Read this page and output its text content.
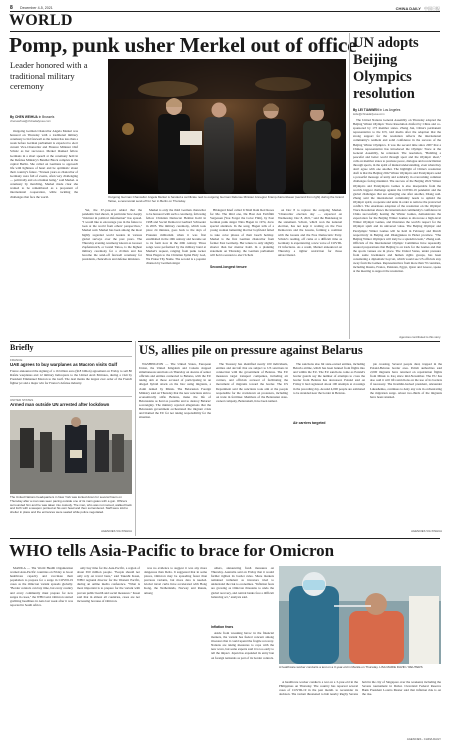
8 December 4-5, 2021	CHINA DAILY 中国日报
WORLD
Pomp, punk usher Merkel out of office
Leader honored with a traditional military ceremony
By CHEN WEIHUA in Brussels
chenweihua@chinadailyusa.com
Outgoing German Chancellor Angela Merkel is handed a certificate next to outgoing German Defense Minister Annegret Kramp-Karrenbauer (second from right) during the Grand Tattoo, a ceremonial send-off for her in Berlin on Thursday.

Outgoing German Chancellor Angela Merkel was honored on Thursday with a traditional military ceremony to bid farewell as the nation has less than a week before German parliament is expected to elect current Vice-Chancellor and Finance Minister Olaf Scholz as her successor. Merkel thanked fellow Germans in a short speech at the ceremony held in the Defense Ministry's Bendler Block complex in the capital Berlin. She called on Germans to approach life with lightness of heart and be optimistic about their country's future. "Sixteen years as chancellor of Germany were full of events, often very challenging — politically and on a human being," said Merkel. A ceremony by marching, Merkel made clear she wanted to be remembered as a proponent of international cooperation, while tackling the challenges that face the world.

Yet, the 67-year-old added that the pandemic had shown, in particular how deeply "mistrust in political information" has spread. "I would like to encourage you in the future to look at the world from others' perspectives," Merkel said. Merkel has been among the most highly regarded world leaders in various global surveys over the past years. The Thursday evening ceremony known as Grosser Zapfenstreich, or Grand Tattoo, is the highest military ceremony for a civilian and has become the send-off farewell ceremony for presidents, chancellors and defense ministers.

Merkel is only the third German chancellor to be honored with such a ceremony, following fellow Christian Democrat Helmut Kohl in 1998 and Social Democrat Gerhard Schroeder in 2005. The military ceremony, which took place 24 minutes, goes back to the days of Prussian militarism when it was first established in the 19th century and became set to its form now in the 20th century. Three songs were performed by the military band at Merkel's request, ranging from punk rocker Nina Hagen to the Christian hymn Holy God, We Praise Thy Name. The second is a popular chanson by German singer

Hildegard Knef called It Shall Rain Red Roses for Me. The third one, Du Hast den Farbfilm Vergessen (You Forgot the Color Film), by East German punk singer Nina Hagen in 1974, drew special attention. In the song, Hagen tells of a young woman lamenting that her boyfriend failed to take color photos of their beach holiday. Merkel is the first German chancellor from former East Germany. Her tenure is only slightly shorter than her mentor Kohl. In a planning statement on Thursday, the German parliament will hold a session to elect Scholz

Second-longest tenure

on Dec 8 to replace the outgoing Merkel. "Chancellor election day — expected on Wednesday, Dec 8, 2021," said the Bundestag in the statement. Scholz, which won the national election, has not kept it waiting on the Free Democrats and the Greens, forming a coalition with the Greens and the Free Democratic Party. Scholz's reading, off came at a difficult time as Germany is experiencing a new wave of COVID-19 infections. As a result, Merkel announced on Thursday a tighter restriction for those unvaccinated.

UN adopts Beijing Olympics resolution
By LEI TIANWEN in Los Angeles
leitw@chinadailyusa.com

The United Nations General Assembly on Thursday adopted the Beijing Winter Olympic Truce Resolution drafted by China and co-sponsored by 173 member states. Zhang Jun, China's permanent representative to the UN, told media after the adoption that the strong support for the resolution reflects the international community's resilient and solid confidence in the success of the Beijing Winter Olympics. It was the second time since 2007 that a Chinese representative has introduced the Olympic Truce at the General Assembly, he reiterated. The resolution, "Building a peaceful and better world through sport and the Olympic ideal," calls on member states to promote peace, dialogue and reconciliation through sports, in the spirit of mutual understanding, even when they don't agree with one another. The highlight of China's resolution draft is that the Beijing 2022 Winter Olympics and Paralympics send a powerful message of unity and solidarity in overcoming common challenges facing mankind. The success of the Beijing 2022 Winter Olympics and Paralympics Games is also inseparable from the world's biggest challenge against the COVID-19 pandemic and the global challenges that are emerging one after another, Zhang said. Zhang said the international community needs to uphold the Olympic spirit, cooperate and unite in order to remove the protracted conflict. The enormous adoption of the resolution on the Olympic Truce Resolution shows the international community's confidence in China successfully hosting the Winter Games, demonstrates the expectation for the Beijing Winter Games to showcase a high-level Winter Olympic Games, and illustrates the world's respect for the Olympic spirit and its universal value. The Beijing Olympic and Paralympic Winter Games will be held in February and March respectively in Beijing and Zhangjiakou in Hebei province. "The Beijing Winter Olympics will truly be a splendid event," Zhang said. Officials of the International Olympic Committee have repeatedly assured preparations that Beijing is on track for the Games and that the sports venues are in place. The United States, under pressure from some lawmakers and human rights groups, has been considering a diplomatic boycott, which would see US officials stay away from the Games. Representatives from more than 70 countries, including Russia, France, Pakistan, Egypt, Qatar and Greece, spoke at the meeting to support the resolution.

Agencies contributed to this story.
Briefly
FRANCE
UAE agrees to buy warplanes as Macron visits Gulf

France announced the signing of a 16 billion euro ($18 billion) agreement on Friday to sell 80 Rafale warplanes and 12 military helicopters to the United Arab Emirates, during a visit by President Emmanuel Macron to the Gulf. The deal marks the largest ever order of the French fighter jet and a major win for France's defense industry.

UNITED STATES
Armed man outside UN arrested after lockdown
The United Nations headquarters in New York was locked down for several hours on Thursday after a man was seen pacing outside one of its main gates with a gun. Officers surrounded him and he was taken into custody. The man, who was not named, walked back and forth with a weapon pointed at his own head and then surrendered. Staff were told to shelter in place and the entrances were sealed while police negotiated.
AGENCIES VIA XINHUA
US, allies pile on pressure against Belarus

WASHINGTON — The United States, European Union, the United Kingdom and Canada slapped simultaneous sanctions on Thursday on dozens of senior officials and entities connected to Belarus, with the EU taking aim at those accused of participating in an alleged hybrid attack on the bloc using migrants, a claim denied by Minsk. The Belarusian Foreign Ministry said on Thursday that the new sanctions aim to economically stifle Belarus, make the life of Belarusians as hard as possible and to destroy Belarus' sovereignty. The ministry rejected allegations that the Belarusian government orchestrated the migrant crisis and blamed the EU for not taking responsibility for the situation.

The Treasury has identified nearly 100 individuals, entities and aircraft that are subject to US sanctions in connection with the government of Belarus. The EU measures target transport companies, including air carriers, and officials accused of facilitating the movement of migrants toward the border. The US Department said the sanctions took aim at the people responsible for the crackdown on protesters, including on trade in fertilizer. Members of the Belarusian state-owned company, Belaruskali, have been named.

Air carriers targeted

The sanctions also hit state-owned entities, including Belavia airline, which has been banned from flights into and within the EU. The EU sanctions come as Poland's border guards say the number of attempts to cross the border from Belarus has decreased. Poland said on Friday it had registered about 100 attempts at crossings in the preceding day. Around 4,000 people are estimated to be stranded near the border in Belarus.

ple crossing, Several people died, trapped in the Poland-Belarus border area. Polish authorities said 2,000 migrants have returned on repatriation flights from Minsk to Iraq since mid-November. The EU has also said it will lift restrictions on the use of its borders if necessary. The Kremlin-backed president, Alexander Lukashenko, continues to deny any role in orchestrating the migration surge. About two-thirds of the migrants have been returned.

AGENCIES VIA XINHUA
WHO tells Asia-Pacific to brace for Omicron

MANILA — The World Health Organization warned Asia-Pacific countries on Friday to boost healthcare capacity and vaccinate their population to prepare for a surge in COVID-19 cases as the Omicron variant spreads globally. "Border controls can buy time, but every country and every community must prepare for new surges in cases," the WHO said. Omicron started grabbing headlines in Asia last week after it was reported in South Africa.

only buy time for the Asia-Pacific, a region of about 650 million people. "People should not only rely on travel bans," said Takeshi Kasai, WHO regional director for the Western Pacific, during an online media conference. "What is most important is to prepare for the variant with proven public health and social measures." Kasai said that in almost all countries, cases are not increasing because of Omicron.

was no evidence to suggest it was any more dangerous than Delta. It suggested that in some places, Omicron may be spreading faster than previous variants, but more data is needed. Global travel curbs have accelerated with Hong Kong, the Netherlands, Norway and Russia, among

others, announcing fresh measures on Thursday. Australia said on Friday that it would further tighten its border rules. Share markets remained turbulent as investors tried to understand the risk to economies. "Inflation fears are growing as Omicron threatens to undo the global recovery, and central banks face a difficult balancing act," analysts said.

Inflation fears

Aside from wreaking havoc in the financial markets, the variant has fueled concern among investors that it could upend the fragile recovery. Nations are taking measures to cope with the new wave, but some experts said it is too early to tell the impact. Japan has expanded its entry ban on foreign nationals as part of its border controls.

A healthcare worker conducts a test on a 3-year-old in Manila on Thursday. LISA MARIE DAVID / REUTERS

A healthcare worker conducts a test on a 3-year-old in the Philippines on Thursday. The country has reported several cases of COVID-19 in the past month. to reconsider its decision. The variant threatened to halt nearby Rugby Sevens held in the city of Singapore over the weekend, including the Sevens tournament in Dubai. Cleveland Federal Reserve Bank President Loretta Mester said that inflation risk is on the rise.

AGENCIES - CHINA DAILY
